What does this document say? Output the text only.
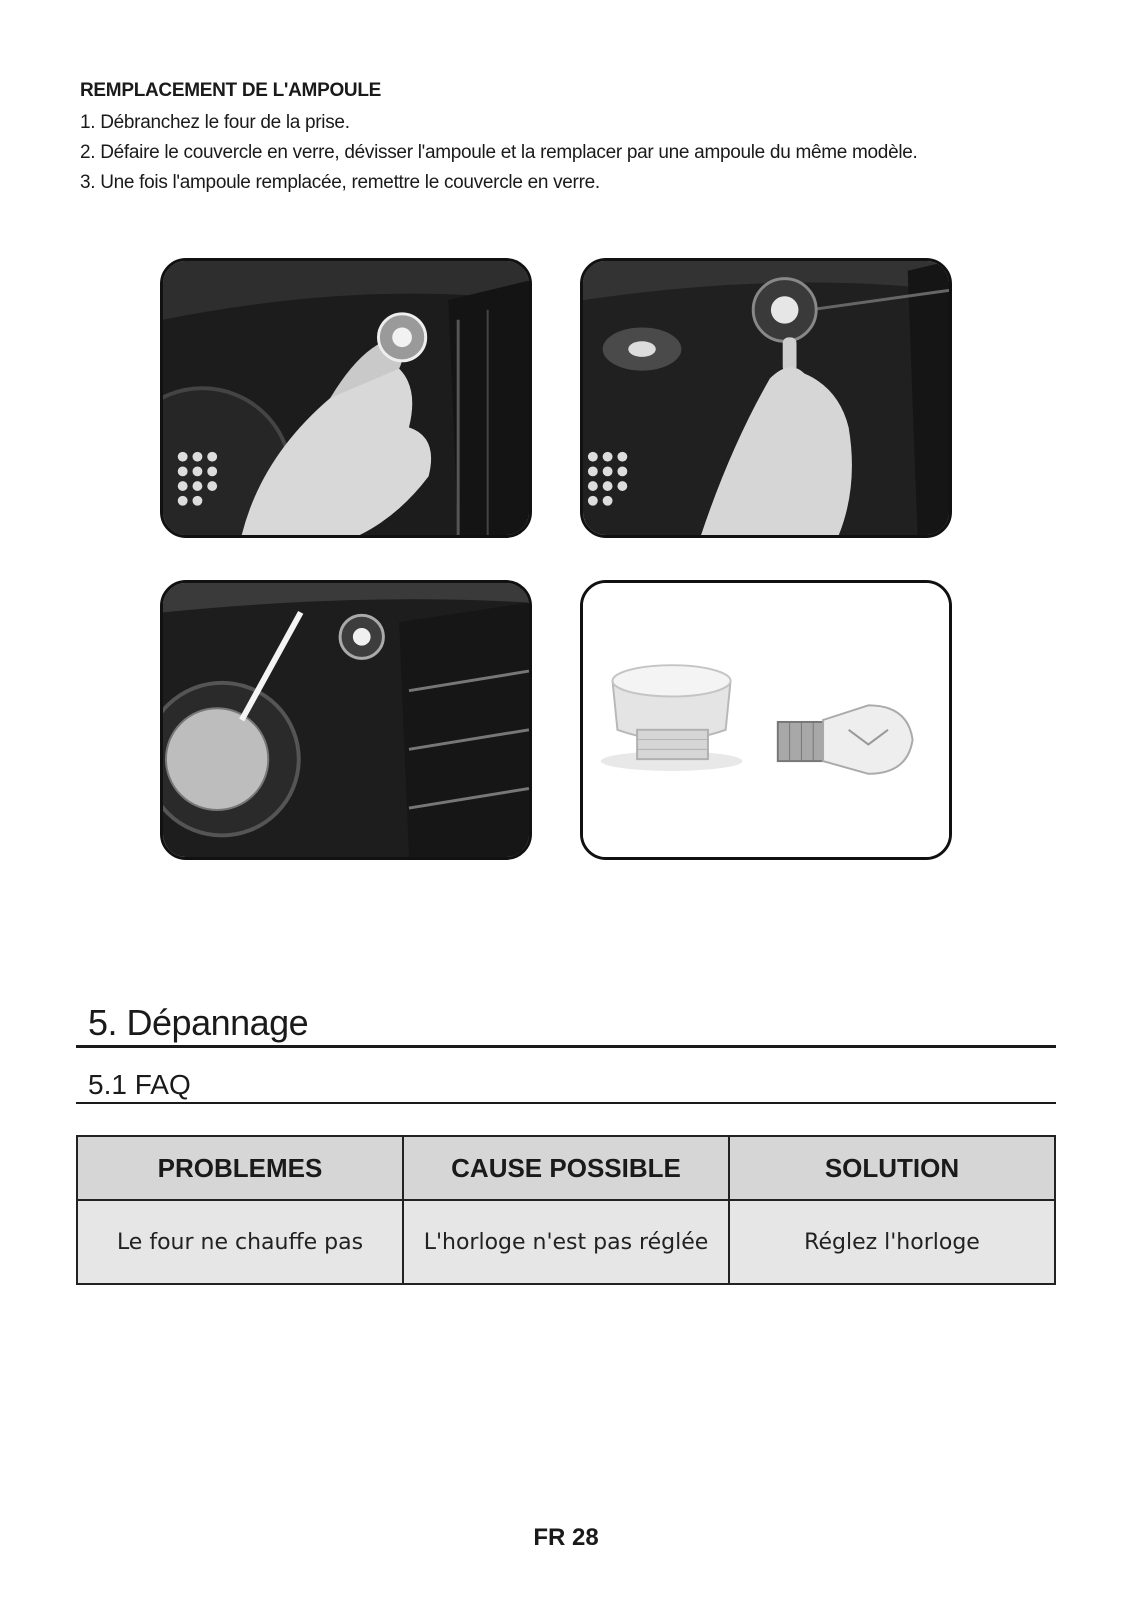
REMPLACEMENT DE L'AMPOULE
1. Débranchez le four de la prise.
2. Défaire le couvercle en verre, dévisser l'ampoule et la remplacer par une ampoule du même modèle.
3. Une fois l'ampoule remplacée, remettre le couvercle en verre.
5. Dépannage
5.1 FAQ
PROBLEMES	CAUSE POSSIBLE	SOLUTION
Le four ne chauffe pas	L'horloge n'est pas réglée	Réglez l'horloge
FR 28
